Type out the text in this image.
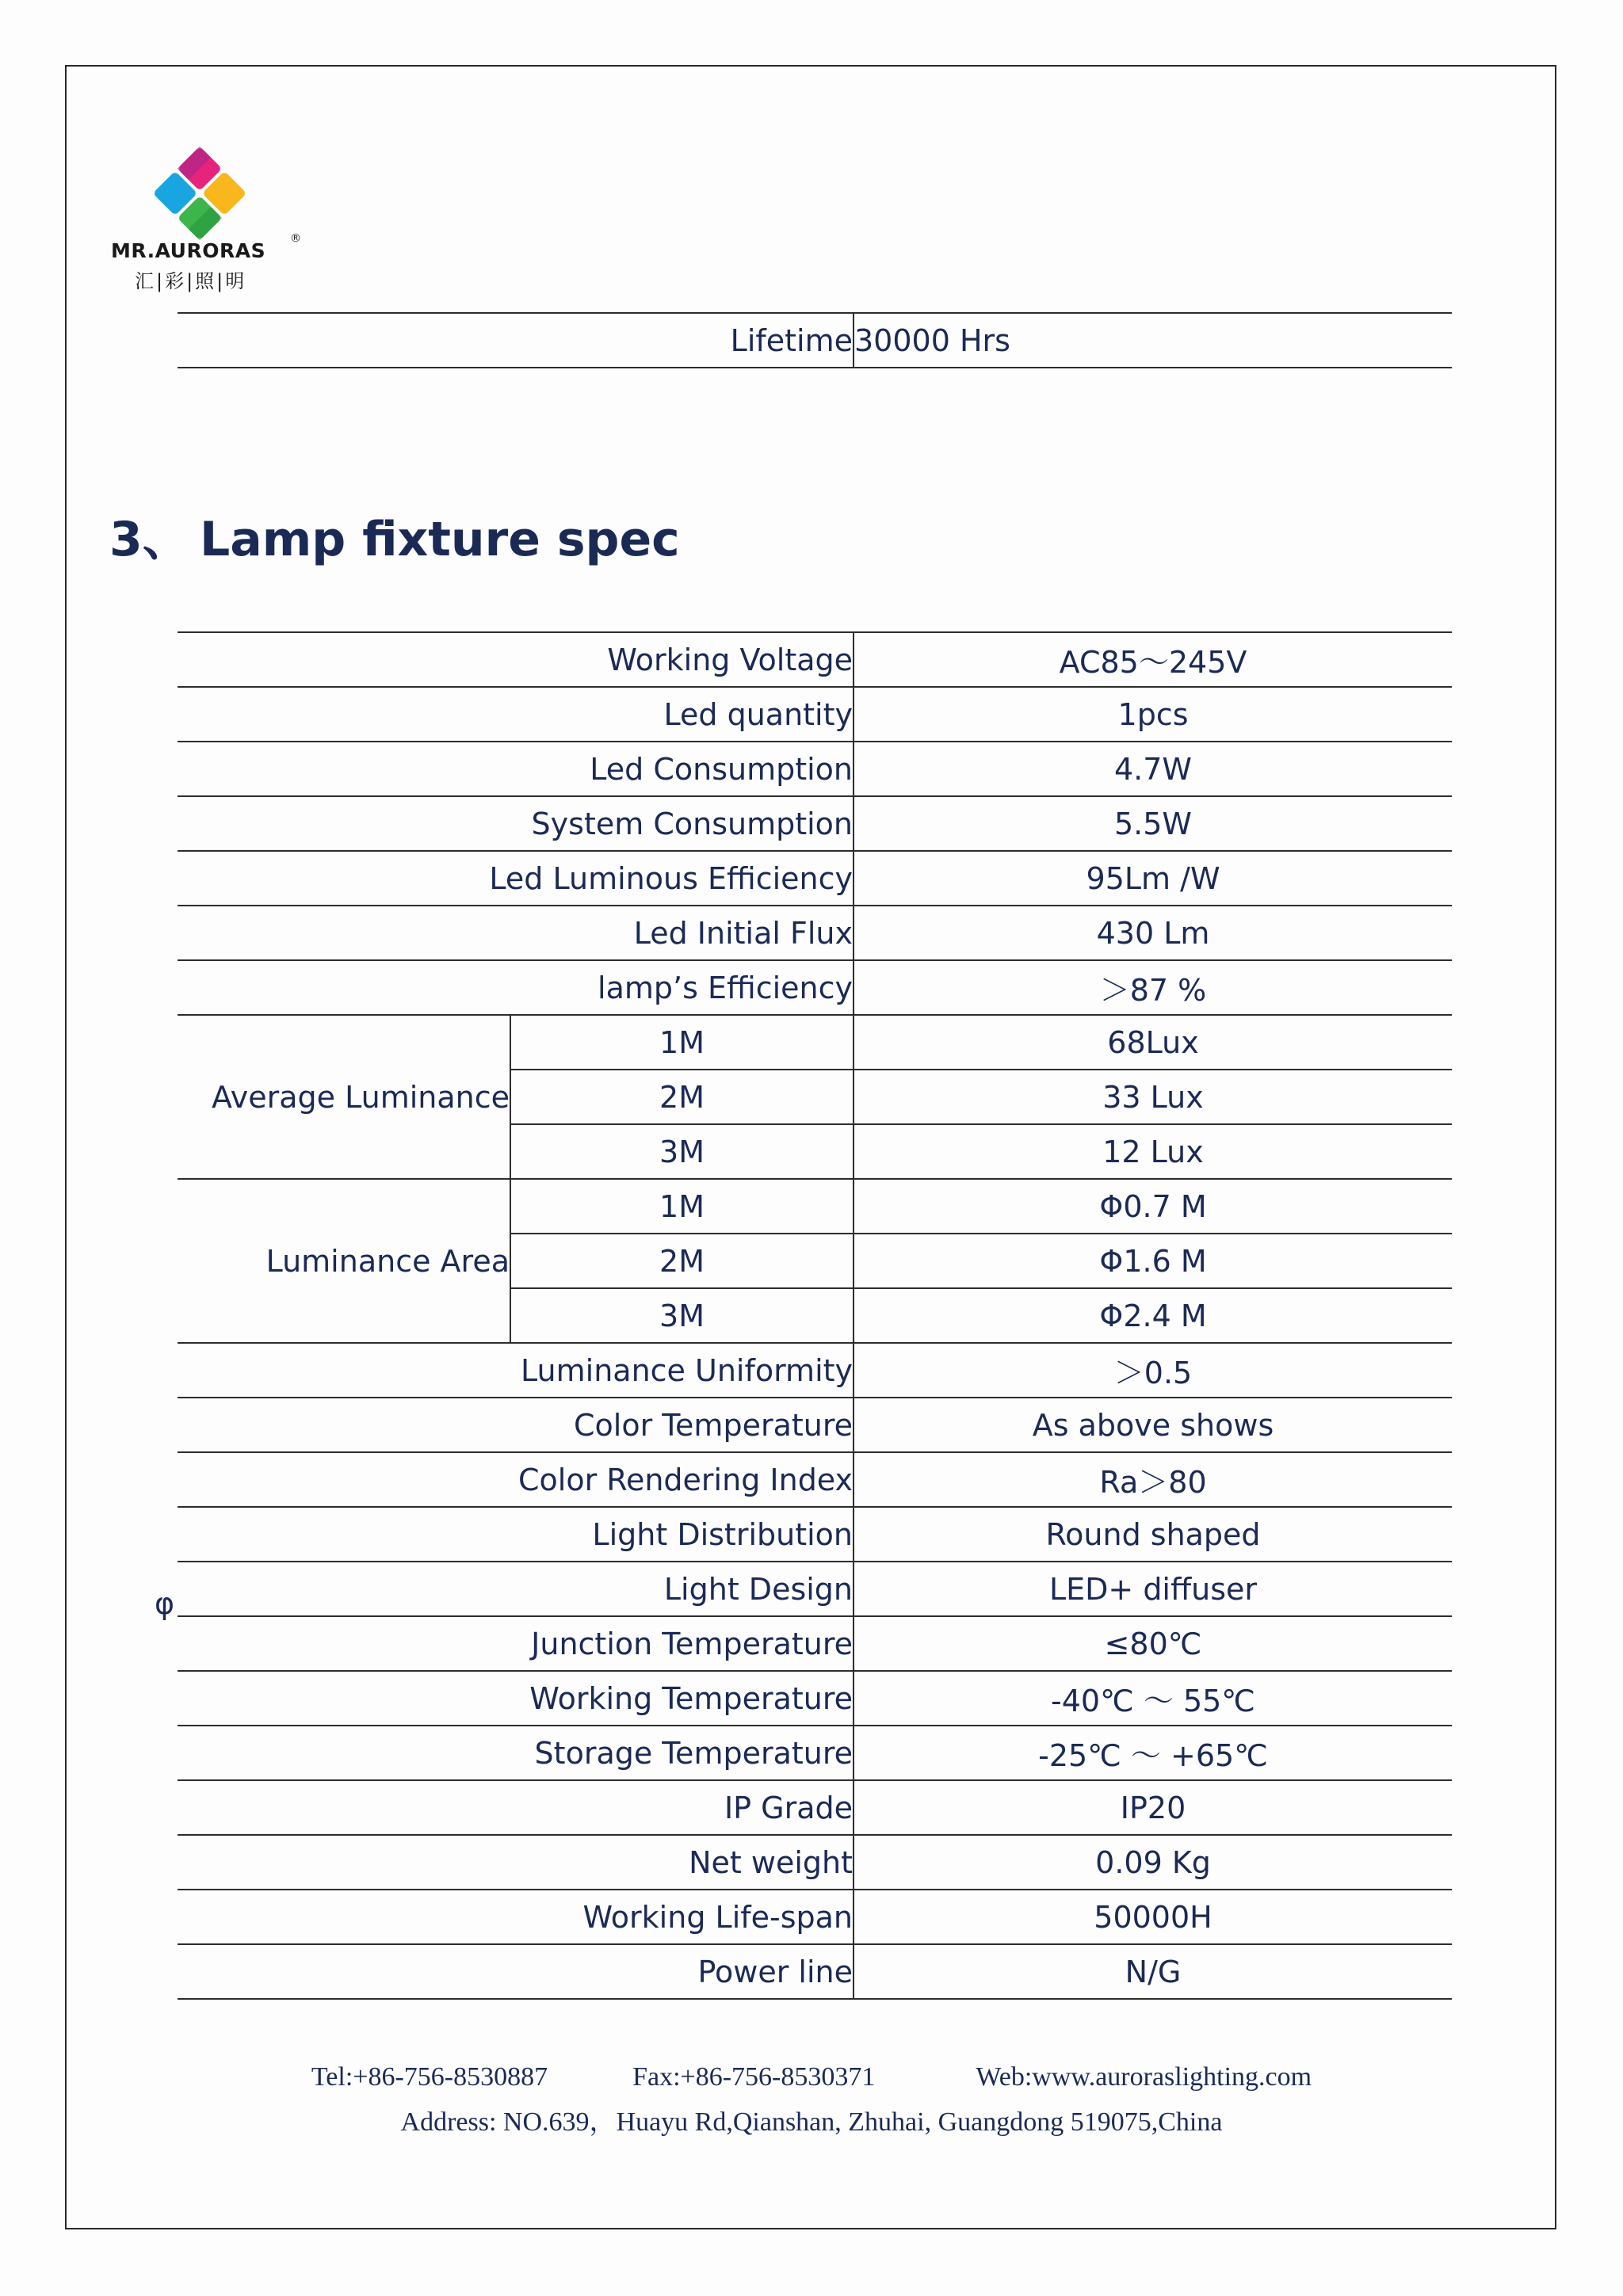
MR.AURORAS
®
汇|彩|照|明
Lifetime	30000 Hrs
3、 Lamp fixture spec
Working Voltage		AC85～245V
Led quantity		1pcs
Led Consumption		4.7W
System Consumption		5.5W
Led Luminous Efficiency		95Lm /W
Led Initial Flux		430 Lm
lamp’s Efficiency		＞87 %
Average Luminance	1M	68Lux
	2M	33 Lux
	3M	12 Lux
Luminance Area	1M	Φ0.7 M
	2M	Φ1.6 M
	3M	Φ2.4 M
Luminance Uniformity		＞0.5
Color Temperature		As above shows
Color Rendering Index		Ra＞80
Light Distribution		Round shaped
Light Design		LED+ diffuser
Junction Temperature		≤80℃
Working Temperature		-40℃ ～ 55℃
Storage Temperature		-25℃ ～ +65℃
IP Grade		IP20
Net weight		0.09 Kg
Working Life-span		50000H
Power line		N/G
φ
Tel:+86-756-8530887	Fax:+86-756-8530371	Web:www.auroraslighting.com
Address: NO.639，Huayu Rd,Qianshan, Zhuhai, Guangdong 519075,China
